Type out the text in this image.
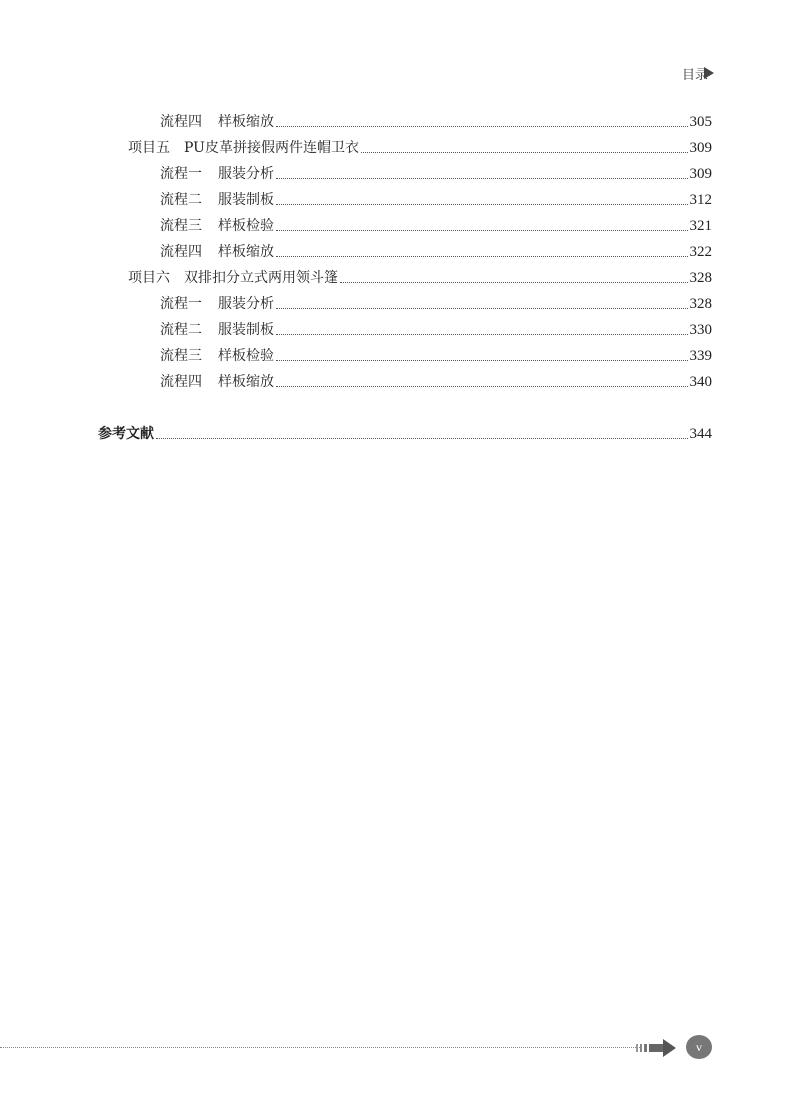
目录
流程四 样板缩放	305
项目五 PU皮革拼接假两件连帽卫衣	309
流程一 服装分析	309
流程二 服装制板	312
流程三 样板检验	321
流程四 样板缩放	322
项目六 双排扣分立式两用领斗篷	328
流程一 服装分析	328
流程二 服装制板	330
流程三 样板检验	339
流程四 样板缩放	340
参考文献	344
v
